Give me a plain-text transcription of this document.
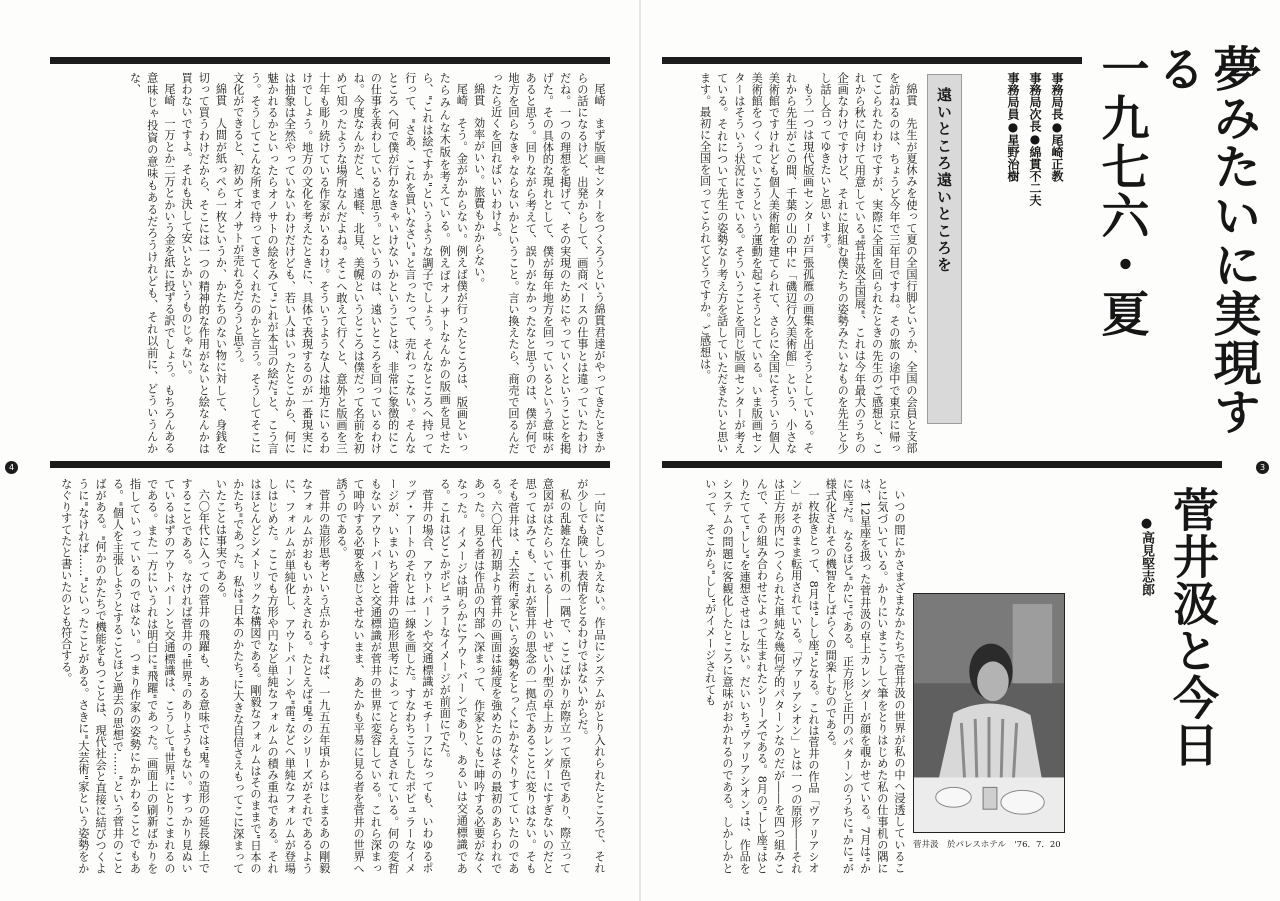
尾崎　まず版画センターをつくろうという綿貫君達がやってきたときからの話になるけど、出発からして、画商ベースの仕事とは違っていたわけだね。一つの理想を掲げて、その実現のためにやっていくということを掲げた。その具体的な現れとして、僕が毎年地方を回っているという意味があると思う。回りながら考えて、誤りがなかったなと思うのは、僕が何で地方を回らなきゃならないかということ。言い換えたら、商売で回るんだったら近くを回ればいいわけよ。

綿貫　効率がいい。旅費もかからない。

尾崎　そう。金がかからない。例えば僕が行ったところは、版画といったらみんな木版を考えている。例えばオノサトなんかの版画を見せたら、"これは絵ですか"というような調子でしょう。そんなところへ持って行って、"さあ、これを買いなさい"と言ったって、売れっこない。そんなところへ何で僕が行かなきゃいけないかということは、非常に象徴的にこの仕事を表わしていると思う。というのは、遠いところを回っているわけね。今度なんかだと、遠軽、北見、美幌というところは僕だって名前を初めて知ったような場所なんだよね。そこへ敢えて行くと、意外と版画を三十年も彫り続けている作家がいるわけ。そういうような人は地方にいるわけでしょう。地方の文化を考えたときに、具体で表現するのが一番現実には抽象は全然やっていないわけだけども、若い人はいったとこから、何に魅かれるかといったらオノサトの絵をみて"これが本当の絵だ"と、こう言う。そうしてこんな所まで持ってきてくれたのかと言う。そうしてそこに文化ができると、初めてオノサトが売れるだろうと思う。

綿貫　人間が紙っぺら一枚というか、かたちのない物に対して、身銭を切って買うわけだから、そこには一つの精神的な作用がないと絵なんかは買わないですよ。それも決して安いとかいうものじゃない。

尾崎　一万とか二万とかいう金を紙に投ずる訳でしょう。もちろんある意味じゃ投資の意味もあるだろうけれども、それ以前に、どういうんかな、

4

一向にさしつかえない。作品にシステムがとり入れられたところで、それが少しでも険しい表情をとるわけではないからだ。

私の乱雑な仕事机の一隅で、ここばかりが際立って原色であり、際立って意図がはたらいている――せいぜい小型の卓上カレンダーにすぎないのだと思ってはみても、これが菅井の思念の一拠点であることに変りはない。そもそも菅井は、"大芸術"家という姿勢をとっくにかなぐりすてていたのである。六〇年代初期より菅井の画面は純度を強めたのはその最初のあらわれであった。見る者は作品の内部へ深まって、作家とともに呻吟する必要がなくなった。イメージは明らかにアウトバーンであり、あるいは交通標識である。これはどこかポピュラーなイメージが前面にでた。

菅井の場合、アウトバーンや交通標識がモチーフになっても、いわゆるポップ・アートのそれとは一線を画した。すなわちこうしたポピュラーなイメージが、いまいちど菅井の造形思考によってとらえ直されている。何の変哲もないアウトバーンと交通標識が菅井の世界に変容している。これら深まって呻吟する必要を感じさせないまま、あたかも平易に見る者を菅井の世界へ誘うのである。

菅井の造形思考という点からすれば、一九五五年頃からはじまるあの剛毅なフォルムがおもいかえされる。たとえば"鬼"のシリーズがそれであるように、フォルムが単純化し、アウトバーンや"雷"などへ単純なフォルムが登場しはじめた。ここでも方形や円など単純なフォルムの積み重ねである。それはほとんどシメトリックな構図である。剛毅なフォルムはそのままで"日本のかたち"であった。私は"日本のかたち"に大きな自信さえもってこに深まっていたことは事実である。

六〇年代に入っての菅井の飛躍も、ある意味では"鬼"の造形の延長線上ですることである。なければ菅井の"世界"のありようもない。すっかり見ぬいているはずのアウトバーンと交通標識は、こうして"世界"にとりこまれるのである。また一方にいうれは明白に"飛躍"であった。画面上の刷新ばかりを指していっているのではない。つまり作家の姿勢にかかわることでもある。"個人を主張しようとすることほど過去の思想で……"という菅井のことばがある。"何かのかたちで機能をもつことは、現代社会と直接に結びつくように"なければ……"といったことがある。さきに"大芸術"家という姿勢をかなぐりすてたと書いたのとも符合する。

夢みたいに実現する
一九七六・夏
事務局長●尾崎正教
事務局次長●綿貫不二夫
事務局員●星野治樹
遠いところ遠いところを

綿貫　先生が夏休みを使って夏の全国行脚というか、全国の会員と支部を訪ねるのは、ちょうど今年で三年目ですね。その旅の途中で東京に帰ってこられたわけですが、実際に全国を回られたときの先生のご感想と、これから秋に向けて用意している"菅井汲全国展"、これは今年最大のうちの企画なわけですけど、それに取組む僕たちの姿勢みたいなものを先生と少し話し合ってゆきたいと思います。

もう一つは現代版画センターが戸張孤雁の画集を出そうとしている。それから先生がこの間、千葉の山の中に「磯辺行久美術館」という、小さな美術館ですけれども個人美術館を建てられて、さらに全国にそういう個人美術館をつくっていこうという運動を起こそうとしている。いま版画センターはそういう状況にきている。そういうことを同じ版画センターが考えている。それについて先生の姿勢なり考え方を話していただきたいと思います。最初に全国を回ってこられてどうですか。ご感想は。

3
菅井汲と今日
●高見堅志郎
菅井汲　於パレスホテル　'76．7．20

いつの間にかさまざまなかたちで菅井汲の世界が私の中へ浸透していることに気づいている。かりにいまこうして筆をとりはじめた私の仕事机の隅には、12星座を扱った菅井汲の卓上カレンダーが顔を覗かせている。7月は"かに座"だ。なるほど"かに"である。正方形と正円のパターンのうちに"かに"が様式化されその機智をしばらくの間楽しむのである。

一枚抜きとって、8月は"しし座"となる。これは菅井の作品「ヴァリアシオン」がそのまま転用されている。「ヴァリアシオン」とは一つの原形――それは正方形内につくられた単純な幾何学的パターンなのだが――を四つ組みこんで、その組み合わせによって生まれたシリーズである。8月の"しし座"はとりたてて"しし"を連想させはしない。だいいち"ヴァリアシオン"は、作品をシステムの問題に客観化したところに意味がおかれるのである。しかしかといって、そこから"しし"がイメージされても
